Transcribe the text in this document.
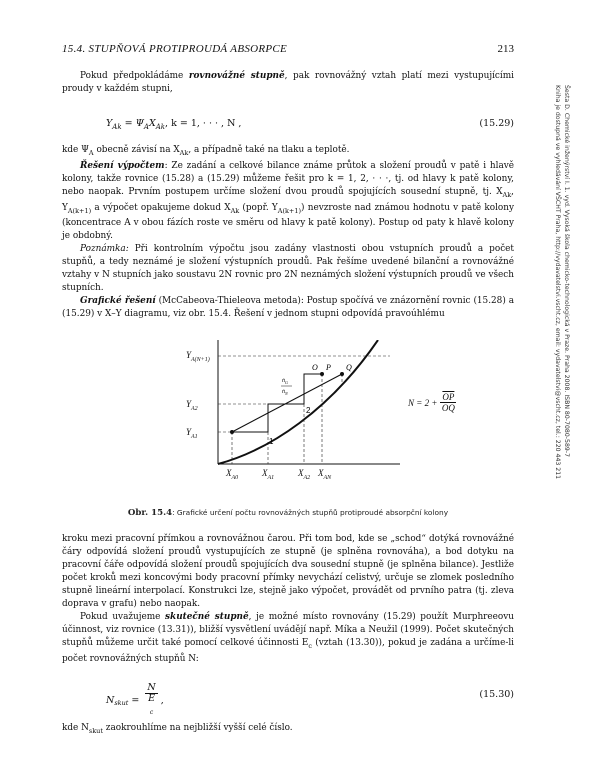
15.4. STUPŇOVÁ PROTIPROUDÁ ABSORPCE	213
Šesta D. Chemické inženýrství I. 1. vyd. Vysoká škola chemicko-technologická v Praze. Praha 2008. ISBN 80-7080-589-7
Kniha je dostupná ve vyhledávání VŠCHT Praha, http://vydavatelstvi.vscht.cz, email: vydavatelstvi@vscht.cz, tel.: 220 443 211

Pokud předpokládáme rovnovážné stupně, pak rovnovážný vztah platí mezi vystupujícími proudy v každém stupni,

$Y_{Ak} = \Psi_AX_{Ak}$, k = 1, · · · , N ,	(15.29)

kde $\Psi_A$ obecně závisí na $X_{Ak}$, a případně také na tlaku a teplotě.

Řešení výpočtem: Ze zadání a celkové bilance známe průtok a složení proudů v patě i hlavě kolony, takže rovnice (15.28) a (15.29) můžeme řešit pro k = 1, 2, · · ·, tj. od hlavy k patě kolony, nebo naopak. Prvním postupem určíme složení dvou proudů spojujících sousední stupně, tj. $X_{Ak}$, $Y_{A(k+1)}$ a výpočet opakujeme dokud $X_{Ak}$ (popř. $Y_{A(k+1)}$) nevzroste nad známou hodnotu v patě kolony (koncentrace A v obou fázích roste ve směru od hlavy k patě kolony). Postup od paty k hlavě kolony je obdobný.

Poznámka: Při kontrolním výpočtu jsou zadány vlastnosti obou vstupních proudů a počet stupňů, a tedy neznámé je složení výstupních proudů. Pak řešíme uvedené bilanční a rovnovážné vztahy v N stupních jako soustavu 2N rovnic pro 2N neznámých složení výstupních proudů ve všech stupních.

Grafické řešení (McCabeova-Thieleova metoda): Postup spočívá ve znázornění rovnic (15.28) a (15.29) v X–Y diagramu, viz obr. 15.4. Řešení v jednom stupni odpovídá pravoúhlému

O P Q
1
2
ṅ G
ṅ N
$Y_{A(N+1)}$
$Y_{A2}$
$Y_{A1}$
$X_{A0}$	$X_{A1}$	$X_{A2}$ $X_{AN}$
$N = 2 + \frac{\overline{OP}}{OQ}$
Obr. 15.4: Grafické určení počtu rovnovážných stupňů protiproudé absorpční kolony

kroku mezi pracovní přímkou a rovnovážnou čarou. Při tom bod, kde se „schod“ dotýká rovnovážné čáry odpovídá složení proudů vystupujících ze stupně (je splněna rovnováha), a bod dotyku na pracovní čáře odpovídá složení proudů spojujících dva sousední stupně (je splněna bilance). Jestliže počet kroků mezi koncovými body pracovní přímky nevychází celistvý, určuje se zlomek posledního stupně lineární interpolací. Konstrukci lze, stejně jako výpočet, provádět od prvního patra (tj. zleva doprava v grafu) nebo naopak.

Pokud uvažujeme skutečné stupně, je možné místo rovnovány (15.29) použít Murphreeovu účinnost, viz rovnice (13.31)), bližší vysvětlení uvádějí např. Míka a Neužil (1999). Počet skutečných stupňů můžeme určit také pomocí celkové účinnosti $E_c$ (vztah (13.30)), pokud je zadána a určíme-li počet rovnovážných stupňů N:

$N_{skut} = N$
E
$_c$ ,
(15.30)

kde $N_{skut}$ zaokrouhlíme na nejbližší vyšší celé číslo.
